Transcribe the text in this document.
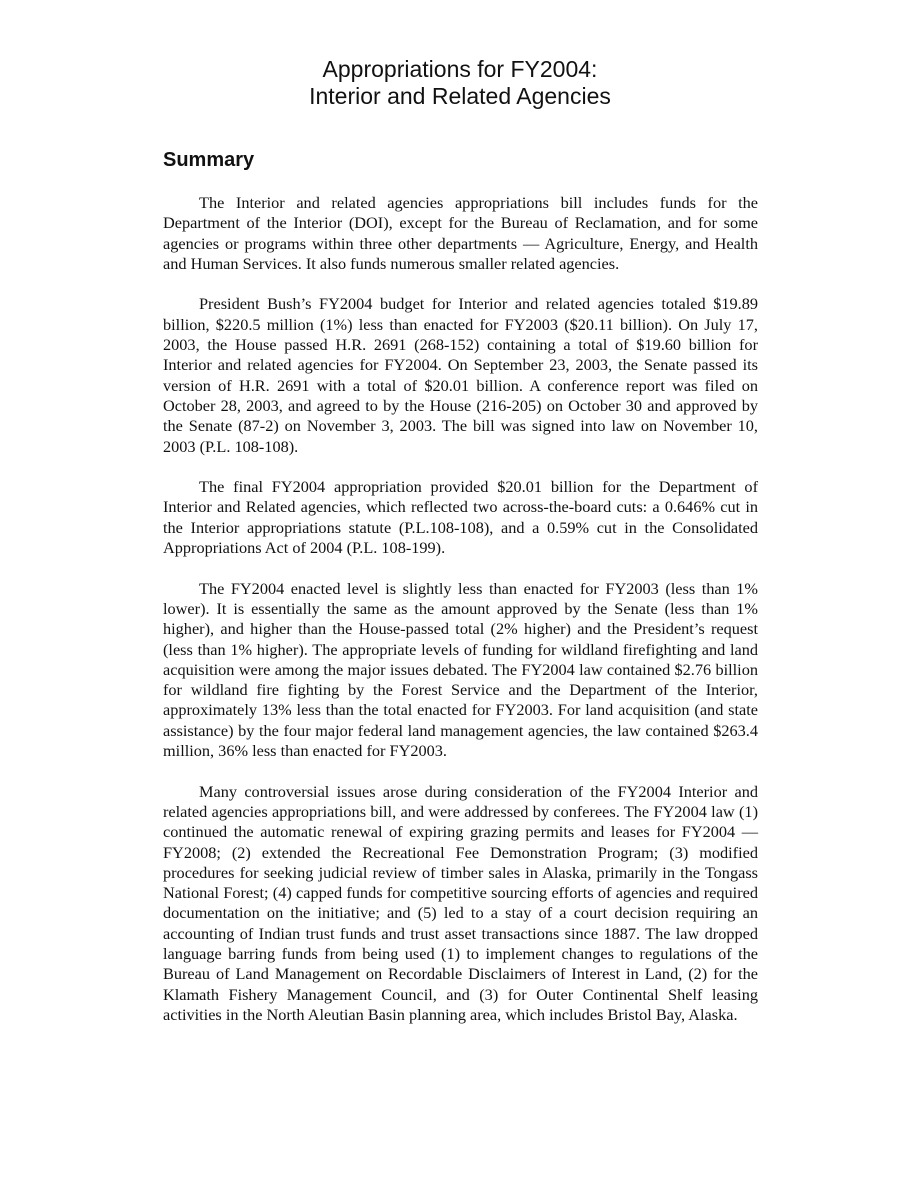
Appropriations for FY2004:
Interior and Related Agencies
Summary

The Interior and related agencies appropriations bill includes funds for the Department of the Interior (DOI), except for the Bureau of Reclamation, and for some agencies or programs within three other departments — Agriculture, Energy, and Health and Human Services. It also funds numerous smaller related agencies.

President Bush’s FY2004 budget for Interior and related agencies totaled $19.89 billion, $220.5 million (1%) less than enacted for FY2003 ($20.11 billion). On July 17, 2003, the House passed H.R. 2691 (268-152) containing a total of $19.60 billion for Interior and related agencies for FY2004. On September 23, 2003, the Senate passed its version of H.R. 2691 with a total of $20.01 billion. A conference report was filed on October 28, 2003, and agreed to by the House (216-205) on October 30 and approved by the Senate (87-2) on November 3, 2003. The bill was signed into law on November 10, 2003 (P.L. 108-108).

The final FY2004 appropriation provided $20.01 billion for the Department of Interior and Related agencies, which reflected two across-the-board cuts: a 0.646% cut in the Interior appropriations statute (P.L.108-108), and a 0.59% cut in the Consolidated Appropriations Act of 2004 (P.L. 108-199).

The FY2004 enacted level is slightly less than enacted for FY2003 (less than 1% lower). It is essentially the same as the amount approved by the Senate (less than 1% higher), and higher than the House-passed total (2% higher) and the President’s request (less than 1% higher). The appropriate levels of funding for wildland firefighting and land acquisition were among the major issues debated. The FY2004 law contained $2.76 billion for wildland fire fighting by the Forest Service and the Department of the Interior, approximately 13% less than the total enacted for FY2003. For land acquisition (and state assistance) by the four major federal land management agencies, the law contained $263.4 million, 36% less than enacted for FY2003.

Many controversial issues arose during consideration of the FY2004 Interior and related agencies appropriations bill, and were addressed by conferees. The FY2004 law (1) continued the automatic renewal of expiring grazing permits and leases for FY2004 — FY2008; (2) extended the Recreational Fee Demonstration Program; (3) modified procedures for seeking judicial review of timber sales in Alaska, primarily in the Tongass National Forest; (4) capped funds for competitive sourcing efforts of agencies and required documentation on the initiative; and (5) led to a stay of a court decision requiring an accounting of Indian trust funds and trust asset transactions since 1887. The law dropped language barring funds from being used (1) to implement changes to regulations of the Bureau of Land Management on Recordable Disclaimers of Interest in Land, (2) for the Klamath Fishery Management Council, and (3) for Outer Continental Shelf leasing activities in the North Aleutian Basin planning area, which includes Bristol Bay, Alaska.
